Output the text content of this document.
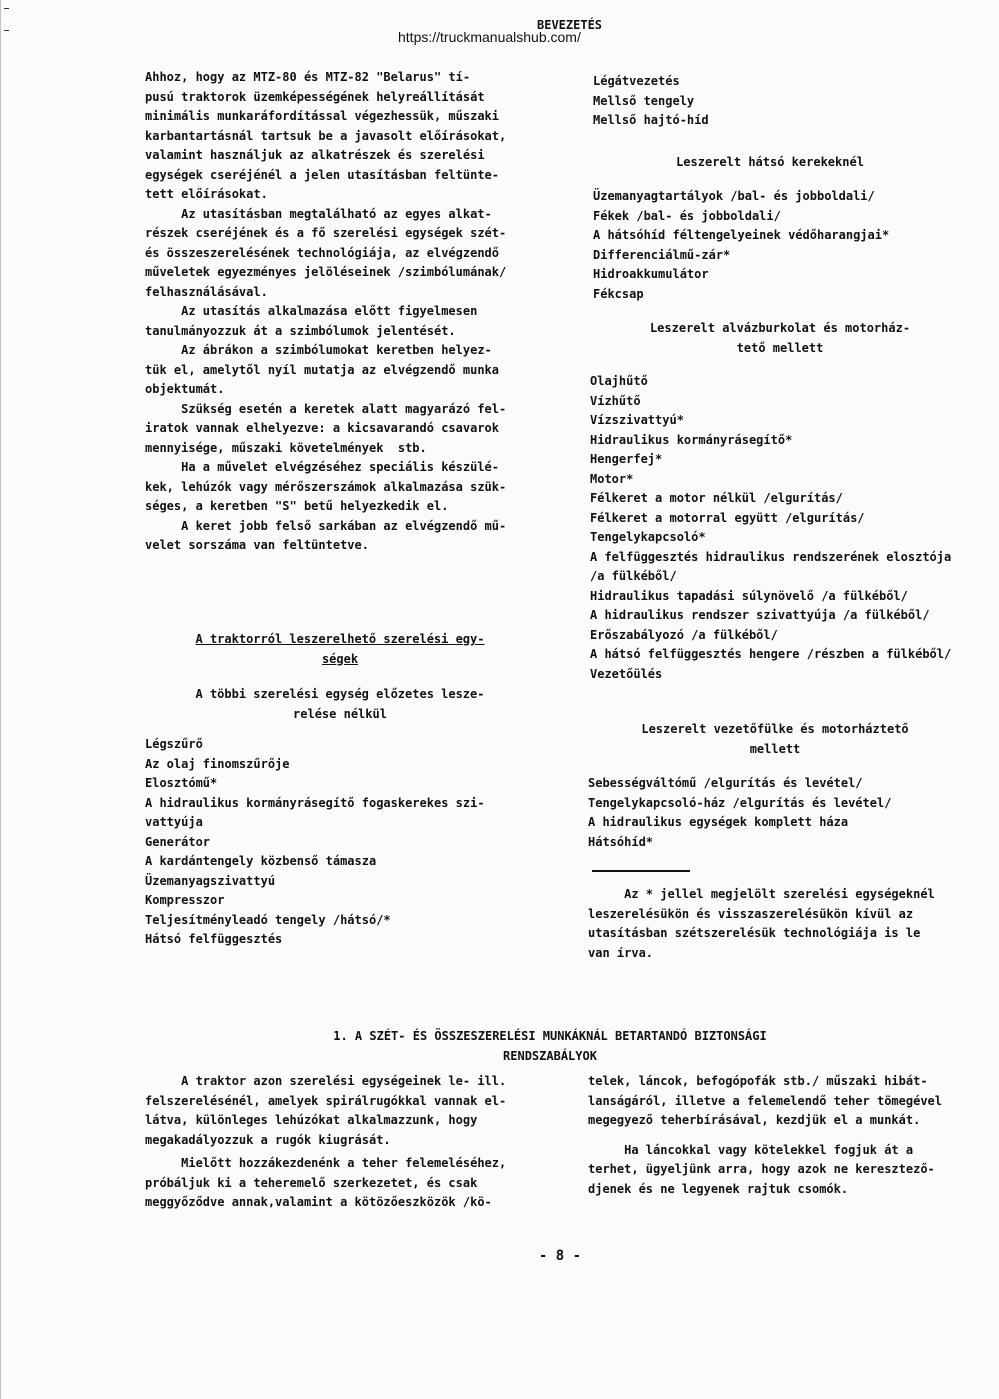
BEVEZETÉS
https://truckmanualshub.com/
Ahhoz, hogy az MTZ-80 és MTZ-82 "Belarus" tí-
pusú traktorok üzemképességének helyreállítását
minimális munkaráfordítással végezhessük, műszaki
karbantartásnál tartsuk be a javasolt előírásokat,
valamint használjuk az alkatrészek és szerelési
egységek cseréjénél a jelen utasításban feltünte-
tett előírásokat.
Az utasításban megtalálható az egyes alkat-
részek cseréjének és a fő szerelési egységek szét-
és összeszerelésének technológiája, az elvégzendő
műveletek egyezményes jelöléseinek /szimbólumának/
felhasználásával.
Az utasítás alkalmazása előtt figyelmesen
tanulmányozzuk át a szimbólumok jelentését.
Az ábrákon a szimbólumokat keretben helyez-
tük el, amelytől nyíl mutatja az elvégzendő munka
objektumát.
Szükség esetén a keretek alatt magyarázó fel-
iratok vannak elhelyezve: a kicsavarandó csavarok
mennyisége, műszaki követelmények  stb.
Ha a művelet elvégzéséhez speciális készülé-
kek, lehúzók vagy mérőszerszámok alkalmazása szük-
séges, a keretben "S" betű helyezkedik el.
A keret jobb felső sarkában az elvégzendő mű-
velet sorszáma van feltüntetve.
A traktorról leszerelhető szerelési egy-
ségek
A többi szerelési egység előzetes lesze-
relése nélkül
Légszűrő
Az olaj finomszűrője
Elosztómű*
A hidraulikus kormányrásegítő fogaskerekes szi-
vattyúja
Generátor
A kardántengely közbenső támasza
Üzemanyagszivattyú
Kompresszor
Teljesítményleadó tengely /hátsó/*
Hátsó felfüggesztés
Légátvezetés
Mellső tengely
Mellső hajtó-híd
Leszerelt hátsó kerekeknél
Üzemanyagtartályok /bal- és jobboldali/
Fékek /bal- és jobboldali/
A hátsóhíd féltengelyeinek védőharangjai*
Differenciálmű-zár*
Hidroakkumulátor
Fékcsap
Leszerelt alvázburkolat és motorház-
tető mellett
Olajhűtő
Vízhűtő
Vízszivattyú*
Hidraulikus kormányrásegítő*
Hengerfej*
Motor*
Félkeret a motor nélkül /elgurítás/
Félkeret a motorral együtt /elgurítás/
Tengelykapcsoló*
A felfüggesztés hidraulikus rendszerének elosztója
/a fülkéből/
Hidraulikus tapadási súlynövelő /a fülkéből/
A hidraulikus rendszer szivattyúja /a fülkéből/
Erőszabályozó /a fülkéből/
A hátsó felfüggesztés hengere /részben a fülkéből/
Vezetőülés
Leszerelt vezetőfülke és motorháztető
mellett
Sebességváltómű /elgurítás és levétel/
Tengelykapcsoló-ház /elgurítás és levétel/
A hidraulikus egységek komplett háza
Hátsóhíd*
Az * jellel megjelölt szerelési egységeknél
leszerelésükön és visszaszerelésükön kívül az
utasításban szétszerelésük technológiája is le
van írva.
1. A SZÉT- ÉS ÖSSZESZERELÉSI MUNKÁKNÁL BETARTANDÓ BIZTONSÁGI
RENDSZABÁLYOK
A traktor azon szerelési egységeinek le- ill.
felszerelésénél, amelyek spirálrugókkal vannak el-
látva, különleges lehúzókat alkalmazzunk, hogy
megakadályozzuk a rugók kiugrását.
Mielőtt hozzákezdenénk a teher felemeléséhez,
próbáljuk ki a teheremelő szerkezetet, és csak
meggyőződve annak,valamint a kötözőeszközök /kö-
telek, láncok, befogópofák stb./ műszaki hibát-
lanságáról, illetve a felemelendő teher tömegével
megegyező teherbírásával, kezdjük el a munkát.
Ha láncokkal vagy kötelekkel fogjuk át a
terhet, ügyeljünk arra, hogy azok ne keresztező-
djenek és ne legyenek rajtuk csomók.
- 8 -
